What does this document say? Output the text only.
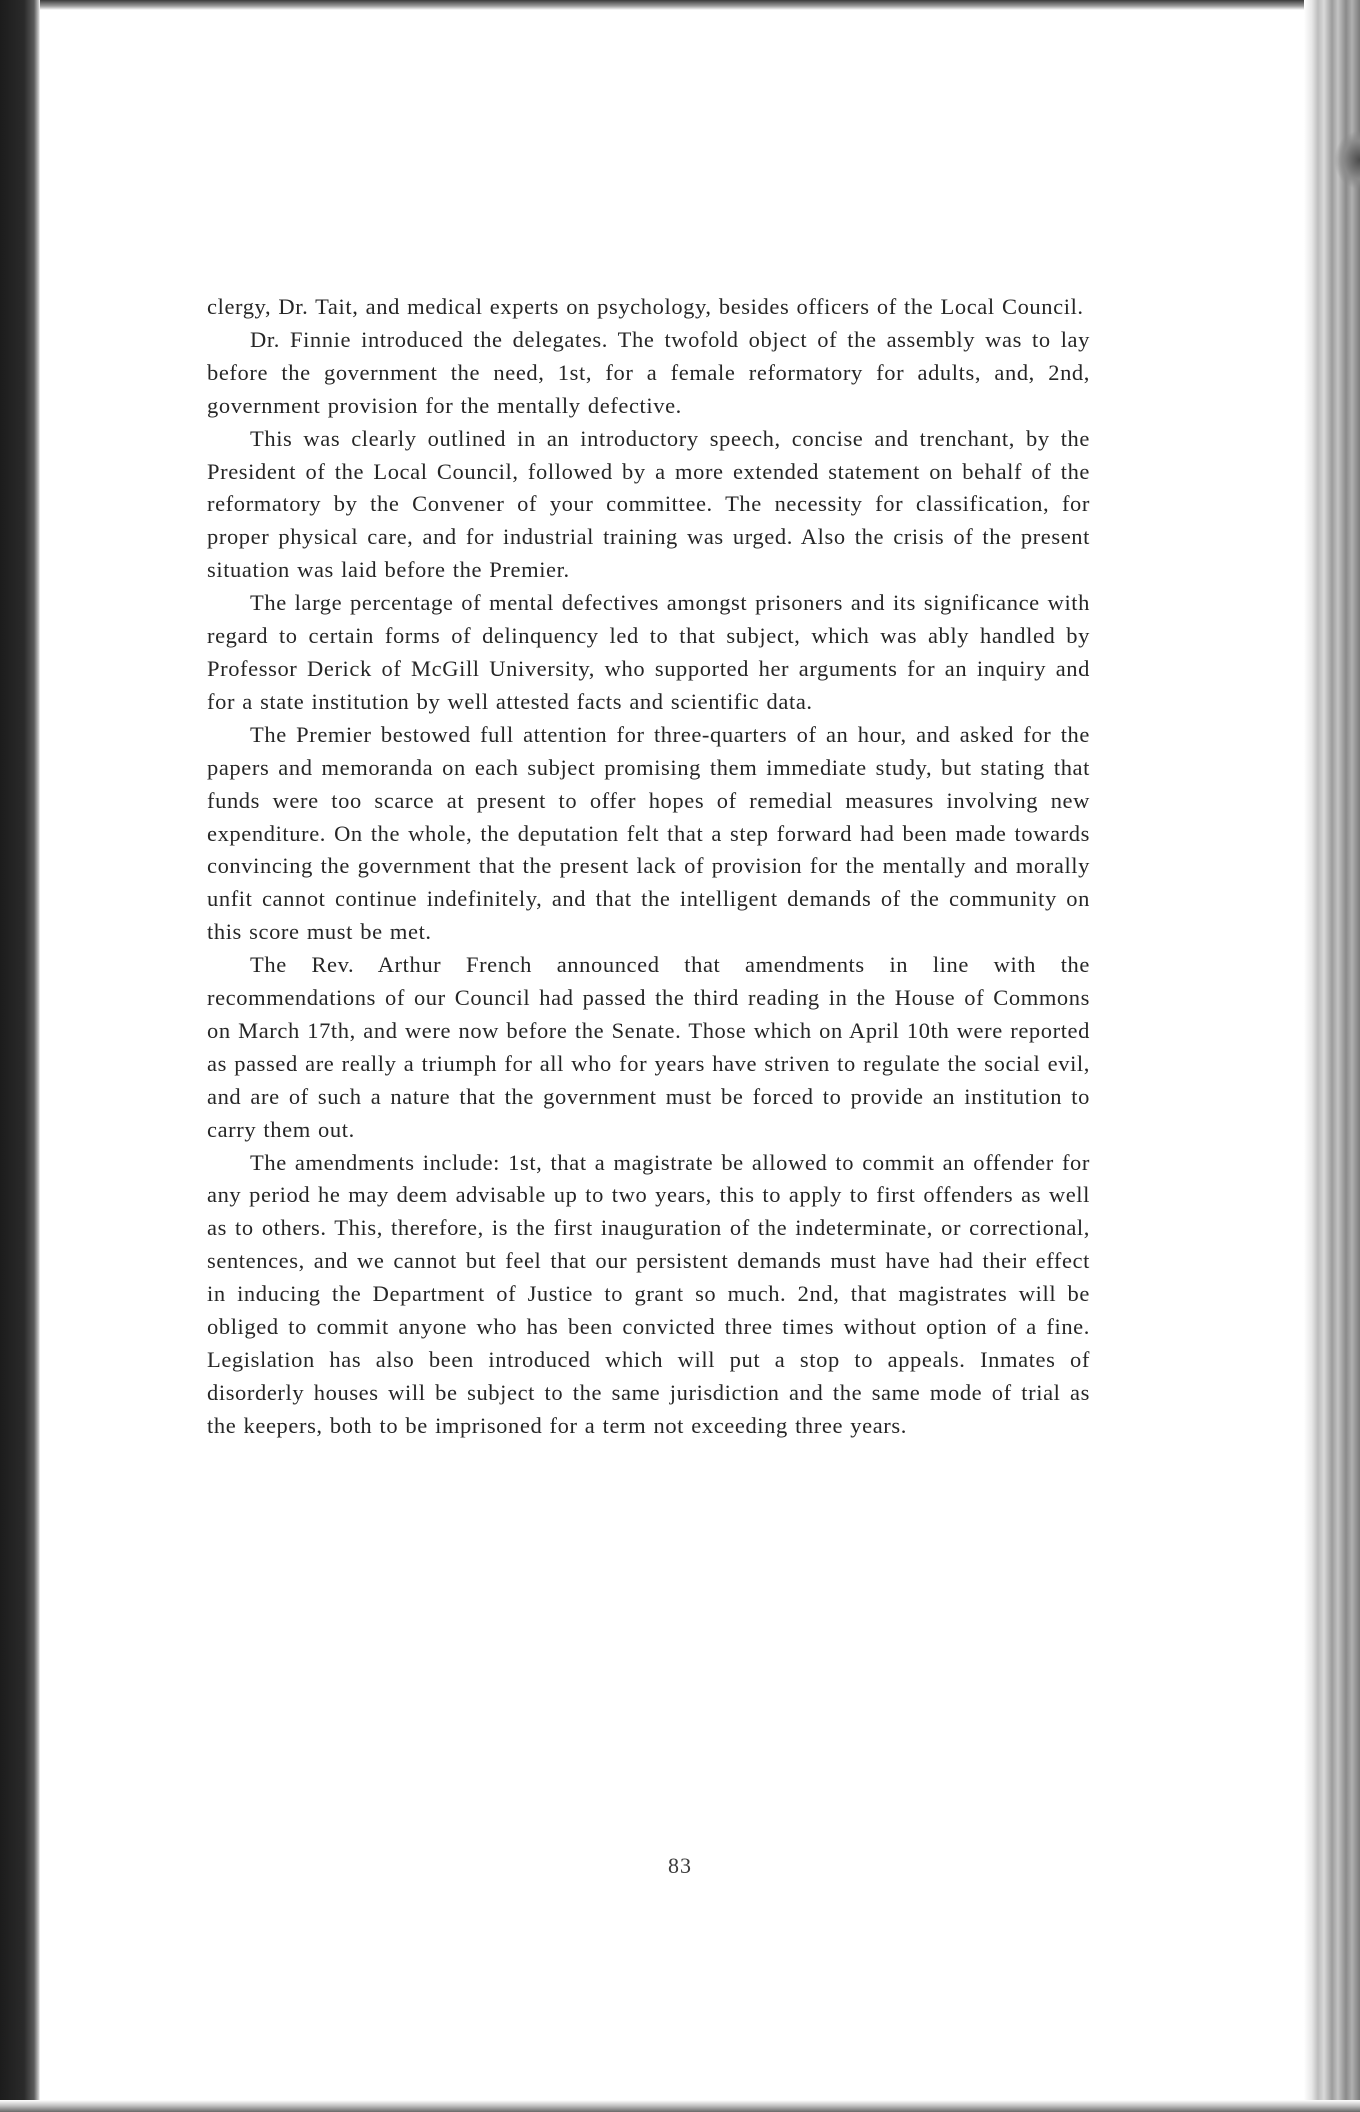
clergy, Dr. Tait, and medical experts on psychology, besides officers of the Local Council.

Dr. Finnie introduced the delegates. The twofold object of the assembly was to lay before the government the need, 1st, for a female reformatory for adults, and, 2nd, government provision for the mentally defective.

This was clearly outlined in an introductory speech, concise and trenchant, by the President of the Local Council, followed by a more extended statement on behalf of the reformatory by the Convener of your committee. The necessity for classification, for proper physical care, and for industrial training was urged. Also the crisis of the present situation was laid before the Premier.

The large percentage of mental defectives amongst prisoners and its significance with regard to certain forms of delinquency led to that subject, which was ably handled by Professor Derick of McGill University, who supported her arguments for an inquiry and for a state institution by well attested facts and scientific data.

The Premier bestowed full attention for three-quarters of an hour, and asked for the papers and memoranda on each subject promising them immediate study, but stating that funds were too scarce at present to offer hopes of remedial measures involving new expenditure. On the whole, the deputation felt that a step forward had been made towards convincing the government that the present lack of provision for the mentally and morally unfit cannot continue indefinitely, and that the intelligent demands of the community on this score must be met.

The Rev. Arthur French announced that amendments in line with the recommendations of our Council had passed the third reading in the House of Commons on March 17th, and were now before the Senate. Those which on April 10th were reported as passed are really a triumph for all who for years have striven to regulate the social evil, and are of such a nature that the government must be forced to provide an institution to carry them out.

The amendments include: 1st, that a magistrate be allowed to commit an offender for any period he may deem advisable up to two years, this to apply to first offenders as well as to others. This, therefore, is the first inauguration of the indeterminate, or correctional, sentences, and we cannot but feel that our persistent demands must have had their effect in inducing the Department of Justice to grant so much. 2nd, that magistrates will be obliged to commit anyone who has been convicted three times without option of a fine. Legislation has also been introduced which will put a stop to appeals. Inmates of disorderly houses will be subject to the same jurisdiction and the same mode of trial as the keepers, both to be imprisoned for a term not exceeding three years.

83
